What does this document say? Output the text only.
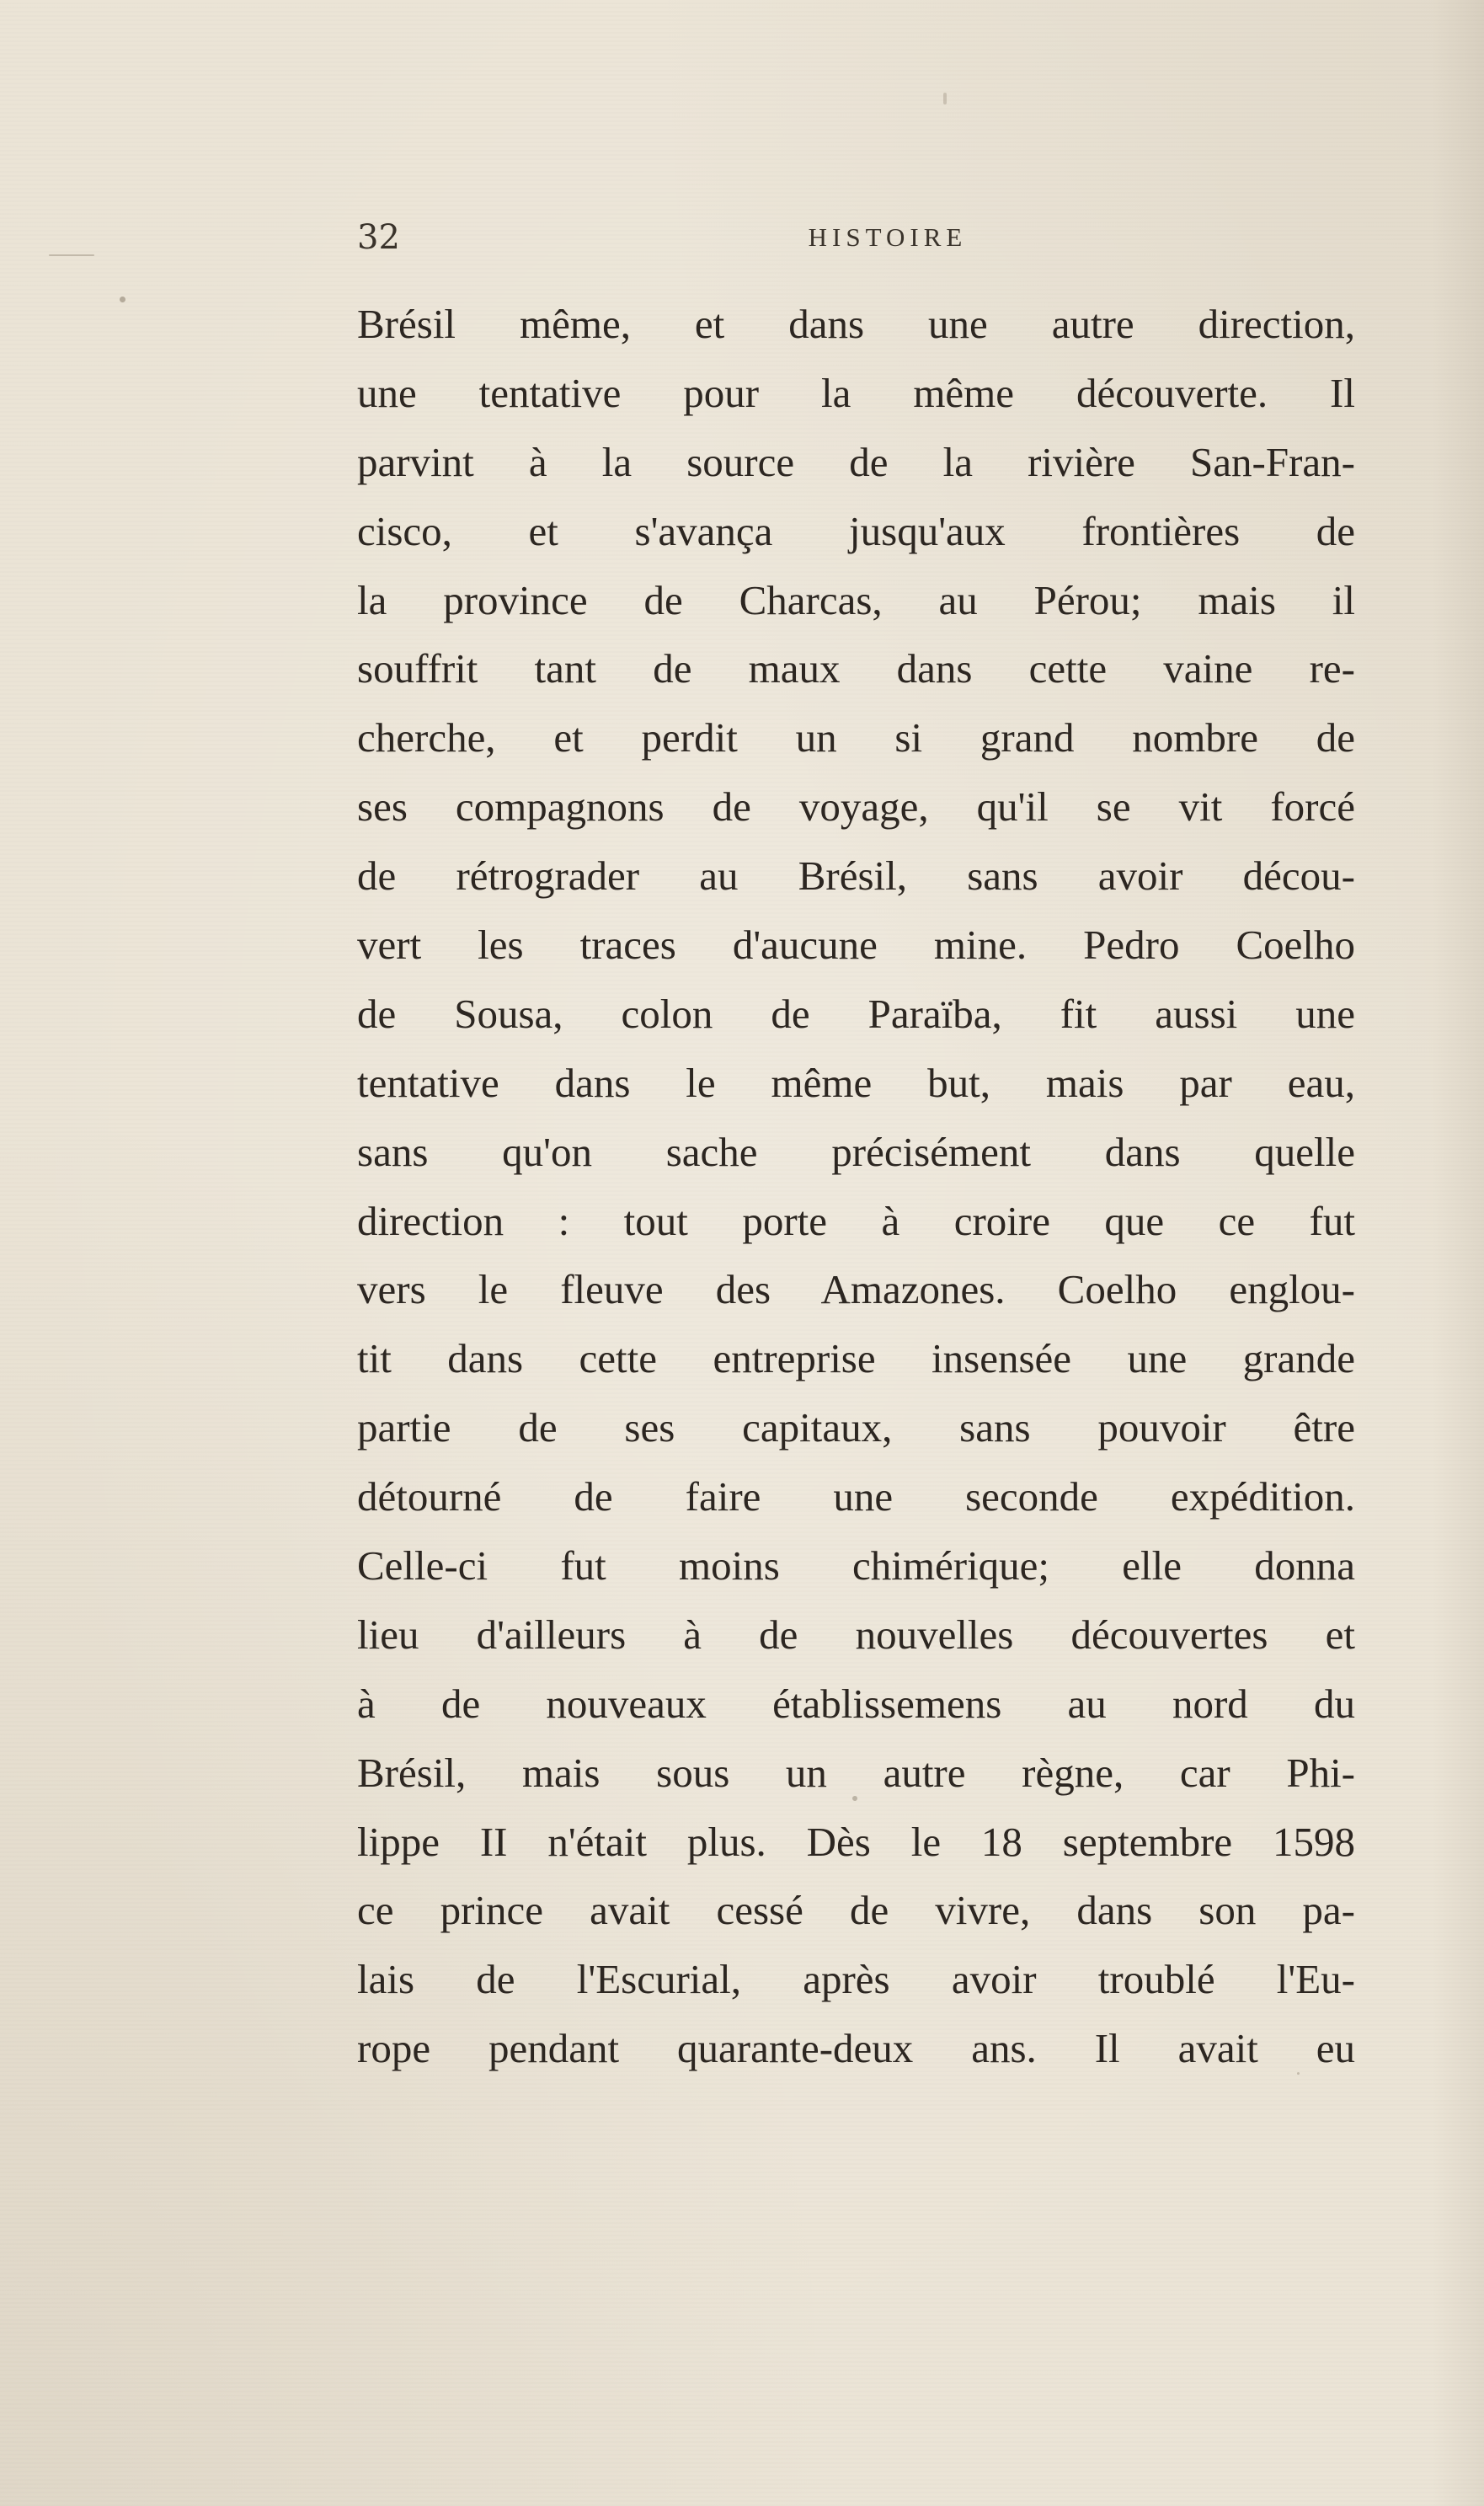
32	HISTOIRE
Brésil même, et dans une autre direction,
une tentative pour la même découverte. Il
parvint à la source de la rivière San-Fran-
cisco, et s'avança jusqu'aux frontières de
la province de Charcas, au Pérou; mais il
souffrit tant de maux dans cette vaine re-
cherche, et perdit un si grand nombre de
ses compagnons de voyage, qu'il se vit forcé
de rétrograder au Brésil, sans avoir décou-
vert les traces d'aucune mine. Pedro Coelho
de Sousa, colon de Paraïba, fit aussi une
tentative dans le même but, mais par eau,
sans qu'on sache précisément dans quelle
direction : tout porte à croire que ce fut
vers le fleuve des Amazones. Coelho englou-
tit dans cette entreprise insensée une grande
partie de ses capitaux, sans pouvoir être
détourné de faire une seconde expédition.
Celle-ci fut moins chimérique; elle donna
lieu d'ailleurs à de nouvelles découvertes et
à de nouveaux établissemens au nord du
Brésil, mais sous un autre règne, car Phi-
lippe II n'était plus. Dès le 18 septembre 1598
ce prince avait cessé de vivre, dans son pa-
lais de l'Escurial, après avoir troublé l'Eu-
rope pendant quarante-deux ans. Il avait eu
